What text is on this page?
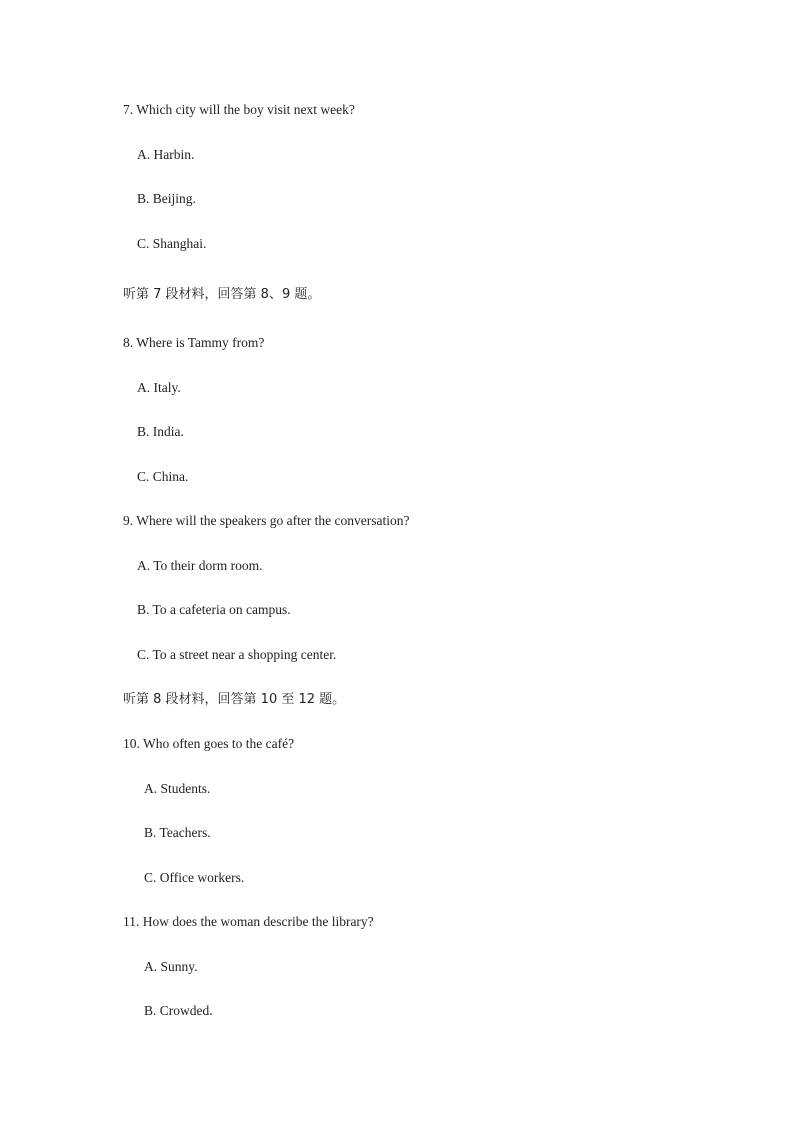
7. Which city will the boy visit next week?
A. Harbin.
B. Beijing.
C. Shanghai.
听第 7 段材料，回答第 8、9 题。
8. Where is Tammy from?
A. Italy.
B. India.
C. China.
9. Where will the speakers go after the conversation?
A. To their dorm room.
B. To a cafeteria on campus.
C. To a street near a shopping center.
听第 8 段材料，回答第 10 至 12 题。
10. Who often goes to the café?
A. Students.
B. Teachers.
C. Office workers.
11. How does the woman describe the library?
A. Sunny.
B. Crowded.
